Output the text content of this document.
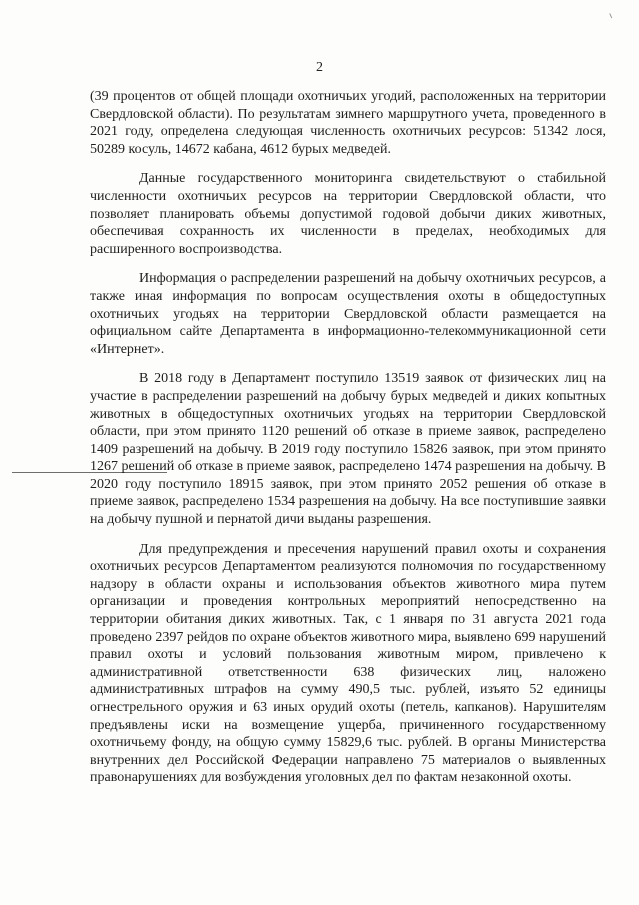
2

(39 процентов от общей площади охотничьих угодий, расположенных на территории Свердловской области). По результатам зимнего маршрутного учета, проведенного в 2021 году, определена следующая численность охотничьих ресурсов: 51342 лося, 50289 косуль, 14672 кабана, 4612 бурых медведей.

Данные государственного мониторинга свидетельствуют о стабильной численности охотничьих ресурсов на территории Свердловской области, что позволяет планировать объемы допустимой годовой добычи диких животных, обеспечивая сохранность их численности в пределах, необходимых для расширенного воспроизводства.

Информация о распределении разрешений на добычу охотничьих ресурсов, а также иная информация по вопросам осуществления охоты в общедоступных охотничьих угодьях на территории Свердловской области размещается на официальном сайте Департамента в информационно-телекоммуникационной сети «Интернет».

В 2018 году в Департамент поступило 13519 заявок от физических лиц на участие в распределении разрешений на добычу бурых медведей и диких копытных животных в общедоступных охотничьих угодьях на территории Свердловской области, при этом принято 1120 решений об отказе в приеме заявок, распределено 1409 разрешений на добычу. В 2019 году поступило 15826 заявок, при этом принято 1267 решений об отказе в приеме заявок, распределено 1474 разрешения на добычу. В 2020 году поступило 18915 заявок, при этом принято 2052 решения об отказе в приеме заявок, распределено 1534 разрешения на добычу. На все поступившие заявки на добычу пушной и пернатой дичи выданы разрешения.

Для предупреждения и пресечения нарушений правил охоты и сохранения охотничьих ресурсов Департаментом реализуются полномочия по государственному надзору в области охраны и использования объектов животного мира путем организации и проведения контрольных мероприятий непосредственно на территории обитания диких животных. Так, с 1 января по 31 августа 2021 года проведено 2397 рейдов по охране объектов животного мира, выявлено 699 нарушений правил охоты и условий пользования животным миром, привлечено к административной ответственности 638 физических лиц, наложено административных штрафов на сумму 490,5 тыс. рублей, изъято 52 единицы огнестрельного оружия и 63 иных орудий охоты (петель, капканов). Нарушителям предъявлены иски на возмещение ущерба, причиненного государственному охотничьему фонду, на общую сумму 15829,6 тыс. рублей. В органы Министерства внутренних дел Российской Федерации направлено 75 материалов о выявленных правонарушениях для возбуждения уголовных дел по фактам незаконной охоты.
